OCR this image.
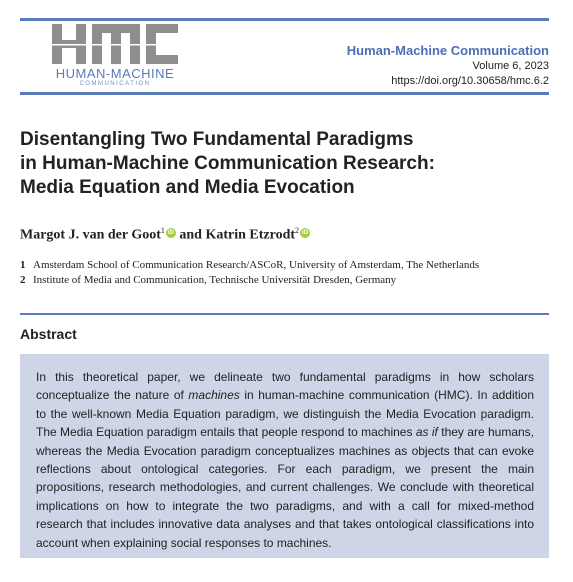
HUMAN-MACHINE
COMMUNICATION
Human-Machine Communication
Volume 6, 2023
https://doi.org/10.30658/hmc.6.2
Disentangling Two Fundamental Paradigms
in Human-Machine Communication Research:
Media Equation and Media Evocation
Margot J. van der Goot$^1$ iD and Katrin Etzrodt$^2$ iD
1 Amsterdam School of Communication Research/ASCoR, University of Amsterdam, The Netherlands
2 Institute of Media and Communication, Technische Universität Dresden, Germany
Abstract
In this theoretical paper, we delineate two fundamental paradigms in how scholars conceptualize the nature of machines in human-machine communication (HMC). In addition to the well-known Media Equation paradigm, we distinguish the Media Evocation paradigm. The Media Equation paradigm entails that people respond to machines as if they are humans, whereas the Media Evocation paradigm conceptualizes machines as objects that can evoke reflections about ontological categories. For each paradigm, we present the main propositions, research methodologies, and current challenges. We conclude with theoretical implications on how to integrate the two paradigms, and with a call for mixed-method research that includes innovative data analyses and that takes ontological classifications into account when explaining social responses to machines.
